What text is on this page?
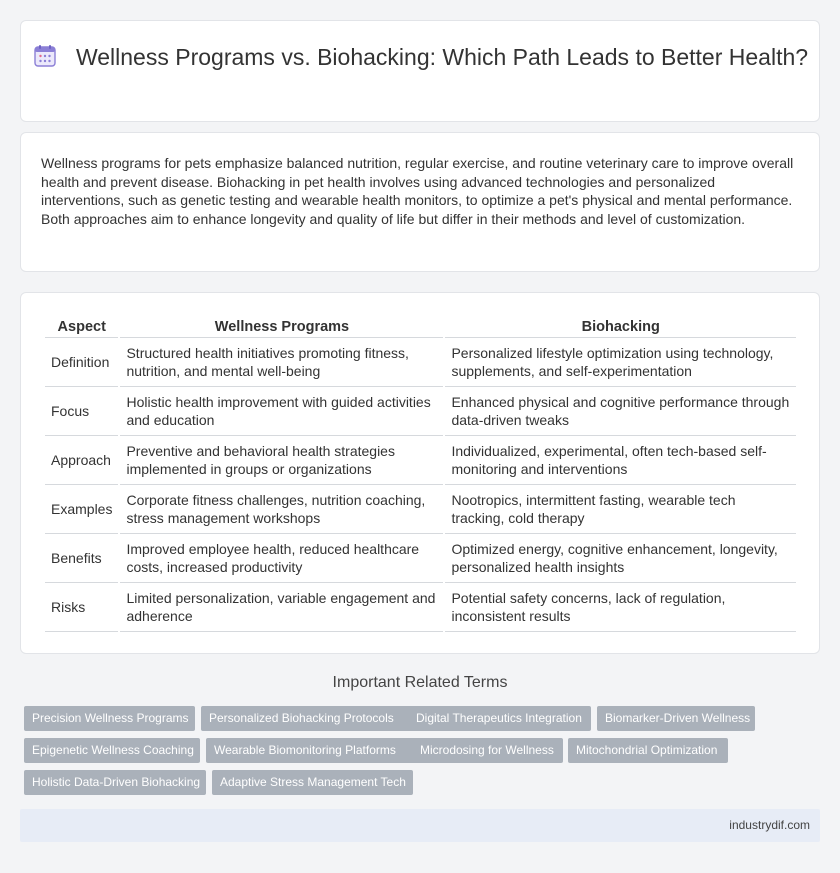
Wellness Programs vs. Biohacking: Which Path Leads to Better Health?

Wellness programs for pets emphasize balanced nutrition, regular exercise, and routine veterinary care to improve overall health and prevent disease. Biohacking in pet health involves using advanced technologies and personalized interventions, such as genetic testing and wearable health monitors, to optimize a pet's physical and mental performance. Both approaches aim to enhance longevity and quality of life but differ in their methods and level of customization.

Aspect	Wellness Programs	Biohacking
Definition	Structured health initiatives promoting fitness, nutrition, and mental well-being	Personalized lifestyle optimization using technology, supplements, and self-experimentation
Focus	Holistic health improvement with guided activities and education	Enhanced physical and cognitive performance through data-driven tweaks
Approach	Preventive and behavioral health strategies implemented in groups or organizations	Individualized, experimental, often tech-based self-monitoring and interventions
Examples	Corporate fitness challenges, nutrition coaching, stress management workshops	Nootropics, intermittent fasting, wearable tech tracking, cold therapy
Benefits	Improved employee health, reduced healthcare costs, increased productivity	Optimized energy, cognitive enhancement, longevity, personalized health insights
Risks	Limited personalization, variable engagement and adherence	Potential safety concerns, lack of regulation, inconsistent results
Important Related Terms
Precision Wellness Programs	Personalized Biohacking Protocols	Digital Therapeutics Integration	Biomarker-Driven Wellness
Epigenetic Wellness Coaching	Wearable Biomonitoring Platforms	Microdosing for Wellness	Mitochondrial Optimization
Holistic Data-Driven Biohacking	Adaptive Stress Management Tech
industrydif.com
